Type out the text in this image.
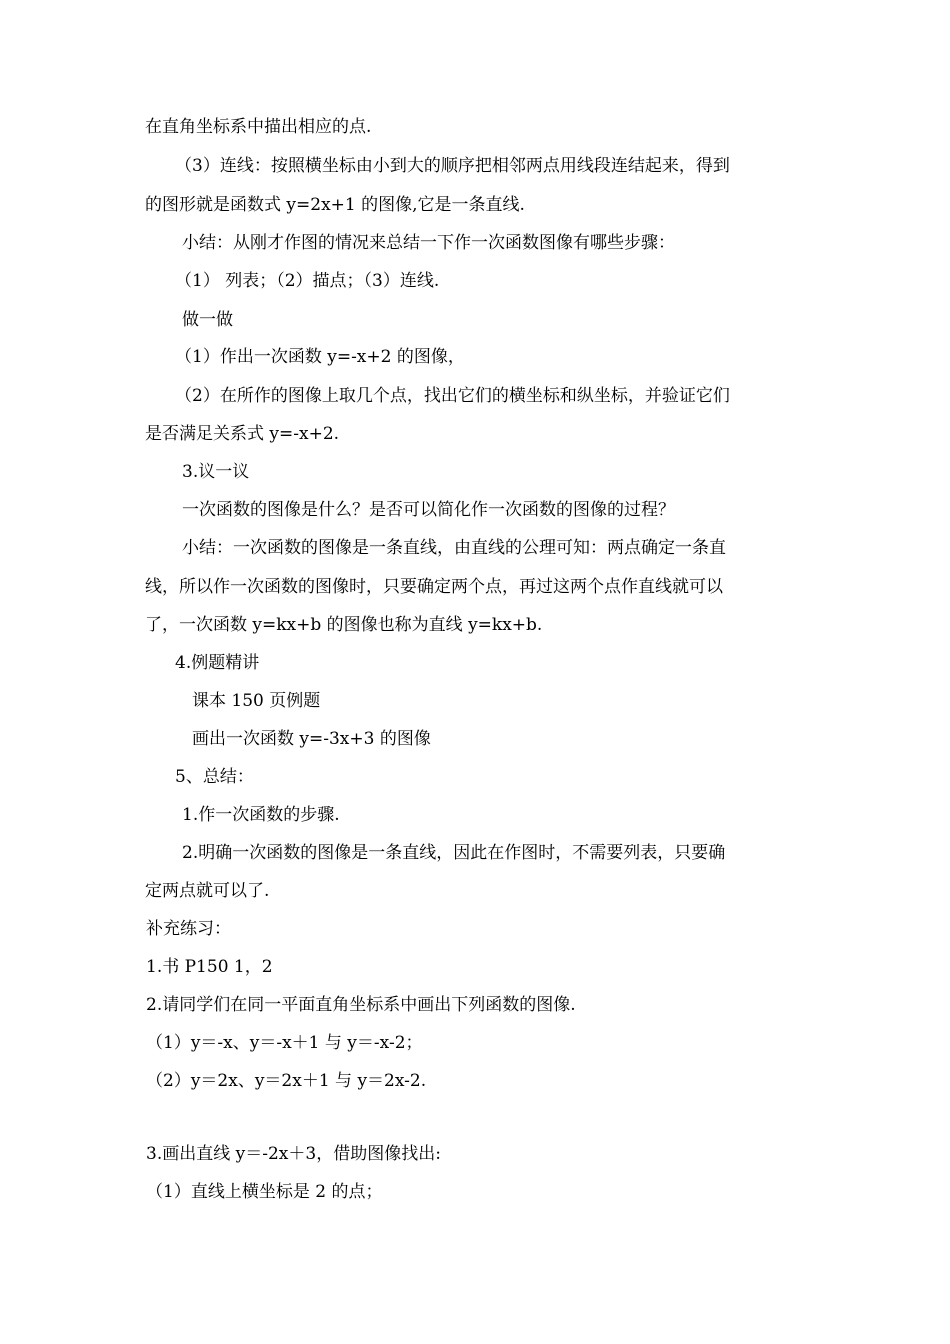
在直角坐标系中描出相应的点.
（3）连线：按照横坐标由小到大的顺序把相邻两点用线段连结起来，得到
的图形就是函数式 y=2x+1 的图像,它是一条直线.
小结：从刚才作图的情况来总结一下作一次函数图像有哪些步骤：
（1） 列表；（2）描点；（3）连线.
做一做
（1）作出一次函数 y=-x+2 的图像，
（2）在所作的图像上取几个点，找出它们的横坐标和纵坐标，并验证它们
是否满足关系式 y=-x+2.
3.议一议
一次函数的图像是什么？是否可以简化作一次函数的图像的过程？
小结：一次函数的图像是一条直线，由直线的公理可知：两点确定一条直
线，所以作一次函数的图像时，只要确定两个点，再过这两个点作直线就可以
了，一次函数 y=kx+b 的图像也称为直线 y=kx+b.
4.例题精讲
课本 150 页例题
画出一次函数 y=-3x+3 的图像
5、总结：
1.作一次函数的步骤.
2.明确一次函数的图像是一条直线，因此在作图时，不需要列表，只要确
定两点就可以了.
补充练习：
1.书 P150 1，2
2.请同学们在同一平面直角坐标系中画出下列函数的图像.
（1）y＝-x、y＝-x＋1 与 y＝-x-2；
（2）y＝2x、y＝2x＋1 与 y＝2x-2.
3.画出直线 y＝-2x＋3，借助图像找出:
（1）直线上横坐标是 2 的点；
